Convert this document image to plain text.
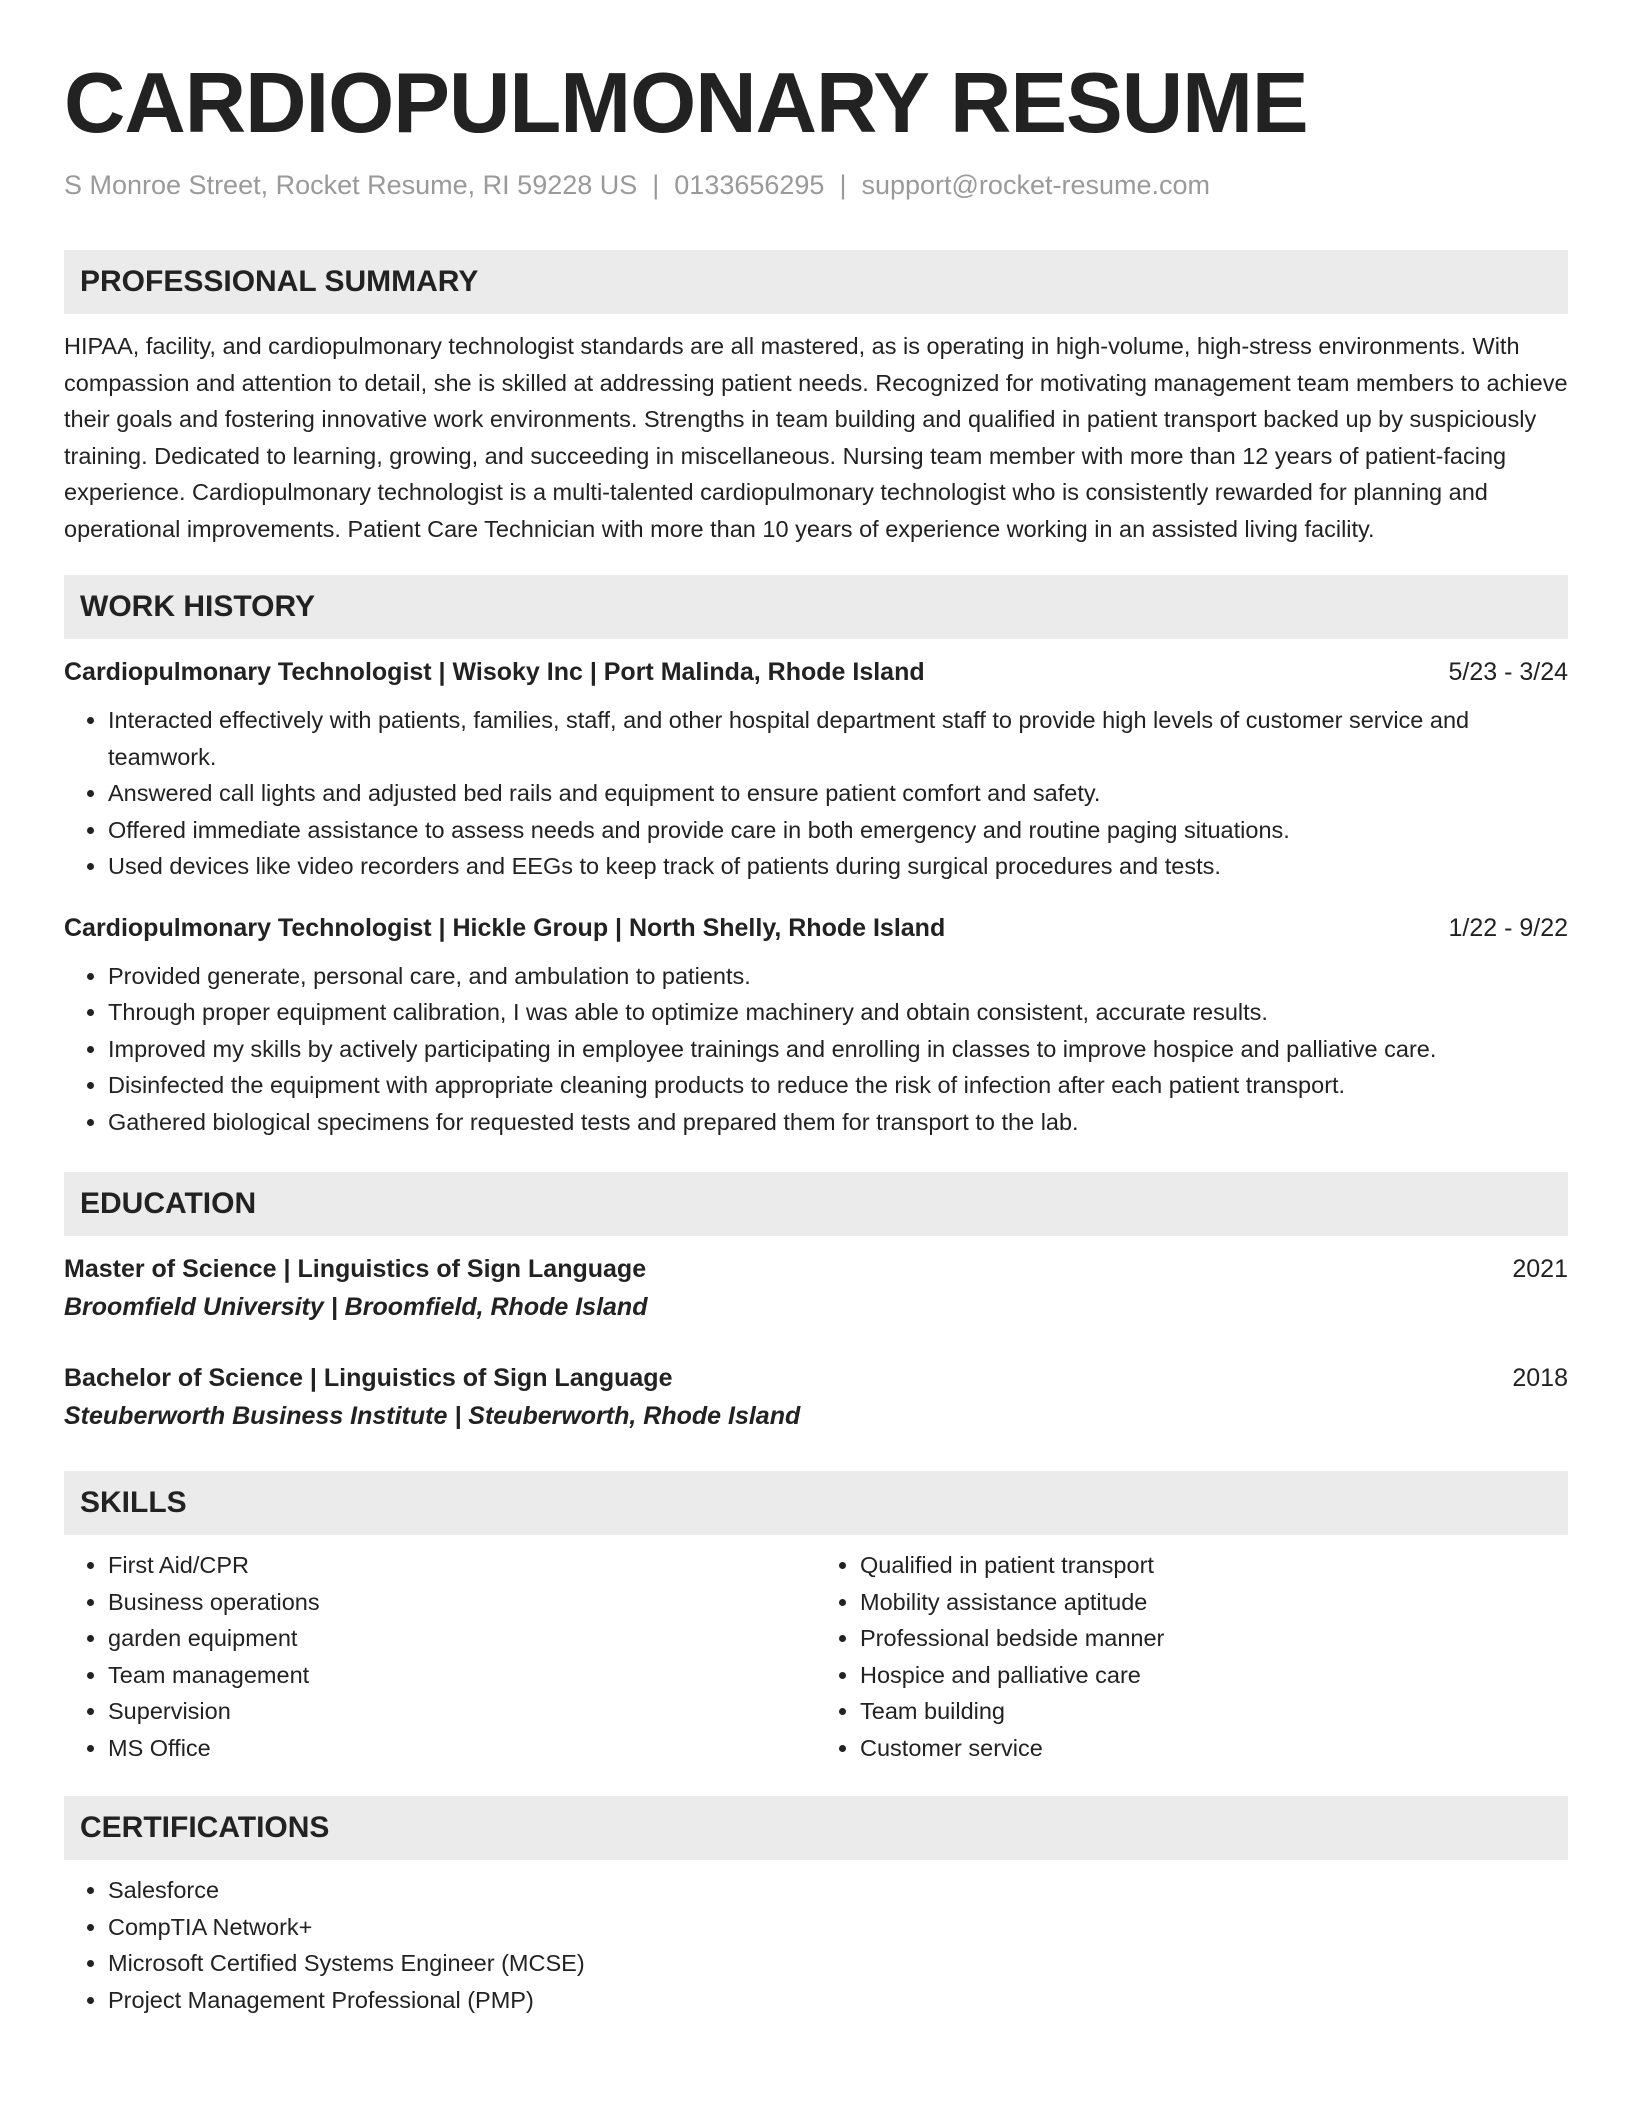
CARDIOPULMONARY RESUME
S Monroe Street, Rocket Resume, RI 59228 US | 0133656295 | support@rocket-resume.com
PROFESSIONAL SUMMARY

HIPAA, facility, and cardiopulmonary technologist standards are all mastered, as is operating in high-volume, high-stress environments. With compassion and attention to detail, she is skilled at addressing patient needs. Recognized for motivating management team members to achieve their goals and fostering innovative work environments. Strengths in team building and qualified in patient transport backed up by suspiciously training. Dedicated to learning, growing, and succeeding in miscellaneous. Nursing team member with more than 12 years of patient-facing experience. Cardiopulmonary technologist is a multi-talented cardiopulmonary technologist who is consistently rewarded for planning and operational improvements. Patient Care Technician with more than 10 years of experience working in an assisted living facility.

WORK HISTORY
Cardiopulmonary Technologist | Wisoky Inc | Port Malinda, Rhode Island	5/23 - 3/24
• Interacted effectively with patients, families, staff, and other hospital department staff to provide high levels of customer service and teamwork.
• Answered call lights and adjusted bed rails and equipment to ensure patient comfort and safety.
• Offered immediate assistance to assess needs and provide care in both emergency and routine paging situations.
• Used devices like video recorders and EEGs to keep track of patients during surgical procedures and tests.
Cardiopulmonary Technologist | Hickle Group | North Shelly, Rhode Island	1/22 - 9/22
• Provided generate, personal care, and ambulation to patients.
• Through proper equipment calibration, I was able to optimize machinery and obtain consistent, accurate results.
• Improved my skills by actively participating in employee trainings and enrolling in classes to improve hospice and palliative care.
• Disinfected the equipment with appropriate cleaning products to reduce the risk of infection after each patient transport.
• Gathered biological specimens for requested tests and prepared them for transport to the lab.
EDUCATION
Master of Science | Linguistics of Sign Language	2021
Broomfield University | Broomfield, Rhode Island
Bachelor of Science | Linguistics of Sign Language	2018
Steuberworth Business Institute | Steuberworth, Rhode Island
SKILLS
• First Aid/CPR
• Business operations
• garden equipment
• Team management
• Supervision
• MS Office
• Qualified in patient transport
• Mobility assistance aptitude
• Professional bedside manner
• Hospice and palliative care
• Team building
• Customer service
CERTIFICATIONS
• Salesforce
• CompTIA Network+
• Microsoft Certified Systems Engineer (MCSE)
• Project Management Professional (PMP)
